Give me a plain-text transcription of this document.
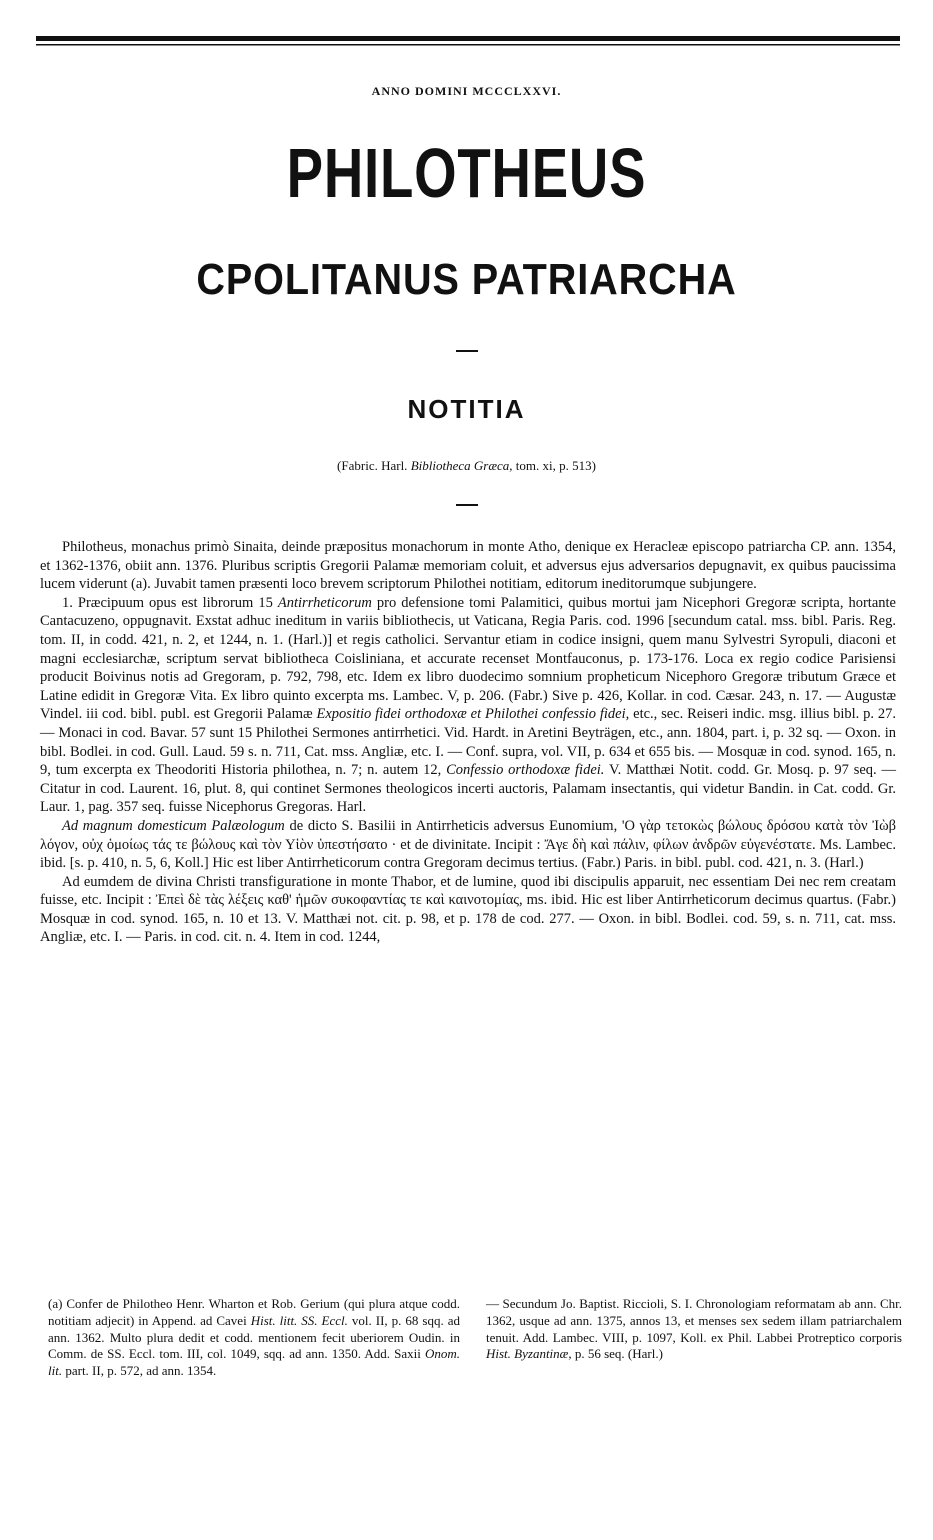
ANNO DOMINI MCCCLXXVI.
PHILOTHEUS
CPOLITANUS PATRIARCHA
NOTITIA
(Fabric. Harl. Bibliotheca Græca, tom. xi, p. 513)

Philotheus, monachus primò Sinaita, deinde præpositus monachorum in monte Atho, denique ex Heracleæ episcopo patriarcha CP. ann. 1354, et 1362-1376, obiit ann. 1376. Pluribus scriptis Gregorii Palamæ memoriam coluit, et adversus ejus adversarios depugnavit, ex quibus paucissima lucem viderunt (a). Juvabit tamen præsenti loco brevem scriptorum Philothei notitiam, editorum ineditorumque subjungere.

1. Præcipuum opus est librorum 15 Antirrheticorum pro defensione tomi Palamitici, quibus mortui jam Nicephori Gregoræ scripta, hortante Cantacuzeno, oppugnavit. Exstat adhuc ineditum in variis bibliothecis, ut Vaticana, Regia Paris. cod. 1996 [secundum catal. mss. bibl. Paris. Reg. tom. II, in codd. 421, n. 2, et 1244, n. 1. (Harl.)] et regis catholici. Servantur etiam in codice insigni, quem manu Sylvestri Syropuli, diaconi et magni ecclesiarchæ, scriptum servat bibliotheca Coisliniana, et accurate recenset Montfauconus, p. 173-176. Loca ex regio codice Parisiensi producit Boivinus notis ad Gregoram, p. 792, 798, etc. Idem ex libro duodecimo somnium propheticum Nicephoro Gregoræ tributum Græce et Latine edidit in Gregoræ Vita. Ex libro quinto excerpta ms. Lambec. V, p. 206. (Fabr.) Sive p. 426, Kollar. in cod. Cæsar. 243, n. 17. — Augustæ Vindel. iii cod. bibl. publ. est Gregorii Palamæ Expositio fidei orthodoxæ et Philothei confessio fidei, etc., sec. Reiseri indic. msg. illius bibl. p. 27. — Monaci in cod. Bavar. 57 sunt 15 Philothei Sermones antirrhetici. Vid. Hardt. in Aretini Beyträgen, etc., ann. 1804, part. i, p. 32 sq. — Oxon. in bibl. Bodlei. in cod. Gull. Laud. 59 s. n. 711, Cat. mss. Angliæ, etc. I. — Conf. supra, vol. VII, p. 634 et 655 bis. — Mosquæ in cod. synod. 165, n. 9, tum excerpta ex Theodoriti Historia philothea, n. 7; n. autem 12, Confessio orthodoxæ fidei. V. Matthæi Notit. codd. Gr. Mosq. p. 97 seq. — Citatur in cod. Laurent. 16, plut. 8, qui continet Sermones theologicos incerti auctoris, Palamam insectantis, qui videtur Bandin. in Cat. codd. Gr. Laur. 1, pag. 357 seq. fuisse Nicephorus Gregoras. Harl.

Ad magnum domesticum Palæologum de dicto S. Basilii in Antirrheticis adversus Eunomium, 'Ο γὰρ τετοκὼς βώλους δρόσου κατὰ τὸν Ἰὼβ λόγον, οὐχ ὁμοίως τάς τε βώλους καὶ τὸν Υἱὸν ὑπεστήσατο · et de divinitate. Incipit : Ἄγε δὴ καὶ πάλιν, φίλων ἀνδρῶν εὐγενέστατε. Ms. Lambec. ibid. [s. p. 410, n. 5, 6, Koll.] Hic est liber Antirrheticorum contra Gregoram decimus tertius. (Fabr.) Paris. in bibl. publ. cod. 421, n. 3. (Harl.)

Ad eumdem de divina Christi transfiguratione in monte Thabor, et de lumine, quod ibi discipulis apparuit, nec essentiam Dei nec rem creatam fuisse, etc. Incipit : Ἐπεὶ δὲ τὰς λέξεις καθ' ἡμῶν συκοφαντίας τε καὶ καινοτομίας, ms. ibid. Hic est liber Antirrheticorum decimus quartus. (Fabr.) Mosquæ in cod. synod. 165, n. 10 et 13. V. Matthæi not. cit. p. 98, et p. 178 de cod. 277. — Oxon. in bibl. Bodlei. cod. 59, s. n. 711, cat. mss. Angliæ, etc. I. — Paris. in cod. cit. n. 4. Item in cod. 1244,

(a) Confer de Philotheo Henr. Wharton et Rob. Gerium (qui plura atque codd. notitiam adjecit) in Append. ad Cavei Hist. litt. SS. Eccl. vol. II, p. 68 sqq. ad ann. 1362. Multo plura dedit et codd. mentionem fecit uberiorem Oudin. in Comm. de SS. Eccl. tom. III, col. 1049, sqq. ad ann. 1350. Add. Saxii Onom. lit. part. II, p. 572, ad ann. 1354.
— Secundum Jo. Baptist. Riccioli, S. I. Chronologiam reformatam ab ann. Chr. 1362, usque ad ann. 1375, annos 13, et menses sex sedem illam patriarchalem tenuit. Add. Lambec. VIII, p. 1097, Koll. ex Phil. Labbei Protreptico corporis Hist. Byzantinæ, p. 56 seq. (Harl.)
